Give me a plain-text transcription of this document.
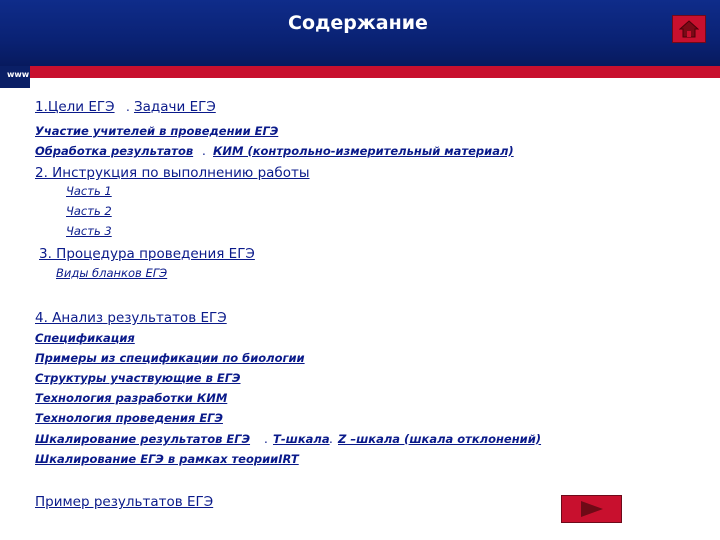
Содержание
www
1.Цели ЕГЭ . Задачи ЕГЭ
Участие учителей в проведении ЕГЭ
Обработка результатов . КИМ (контрольно-измерительный материал)
2. Инструкция по выполнению работы
Часть 1
Часть 2
Часть 3
3. Процедура проведения ЕГЭ
Виды бланков ЕГЭ
4. Анализ результатов ЕГЭ
Спецификация
Примеры из спецификации по биологии
Структуры участвующие в ЕГЭ
Технология разработки КИМ
Технология проведения ЕГЭ
Шкалирование результатов ЕГЭ . Т-шкала . Z –шкала (шкала отклонений)
Шкалирование ЕГЭ в рамках теорииIRT
Пример результатов ЕГЭ
